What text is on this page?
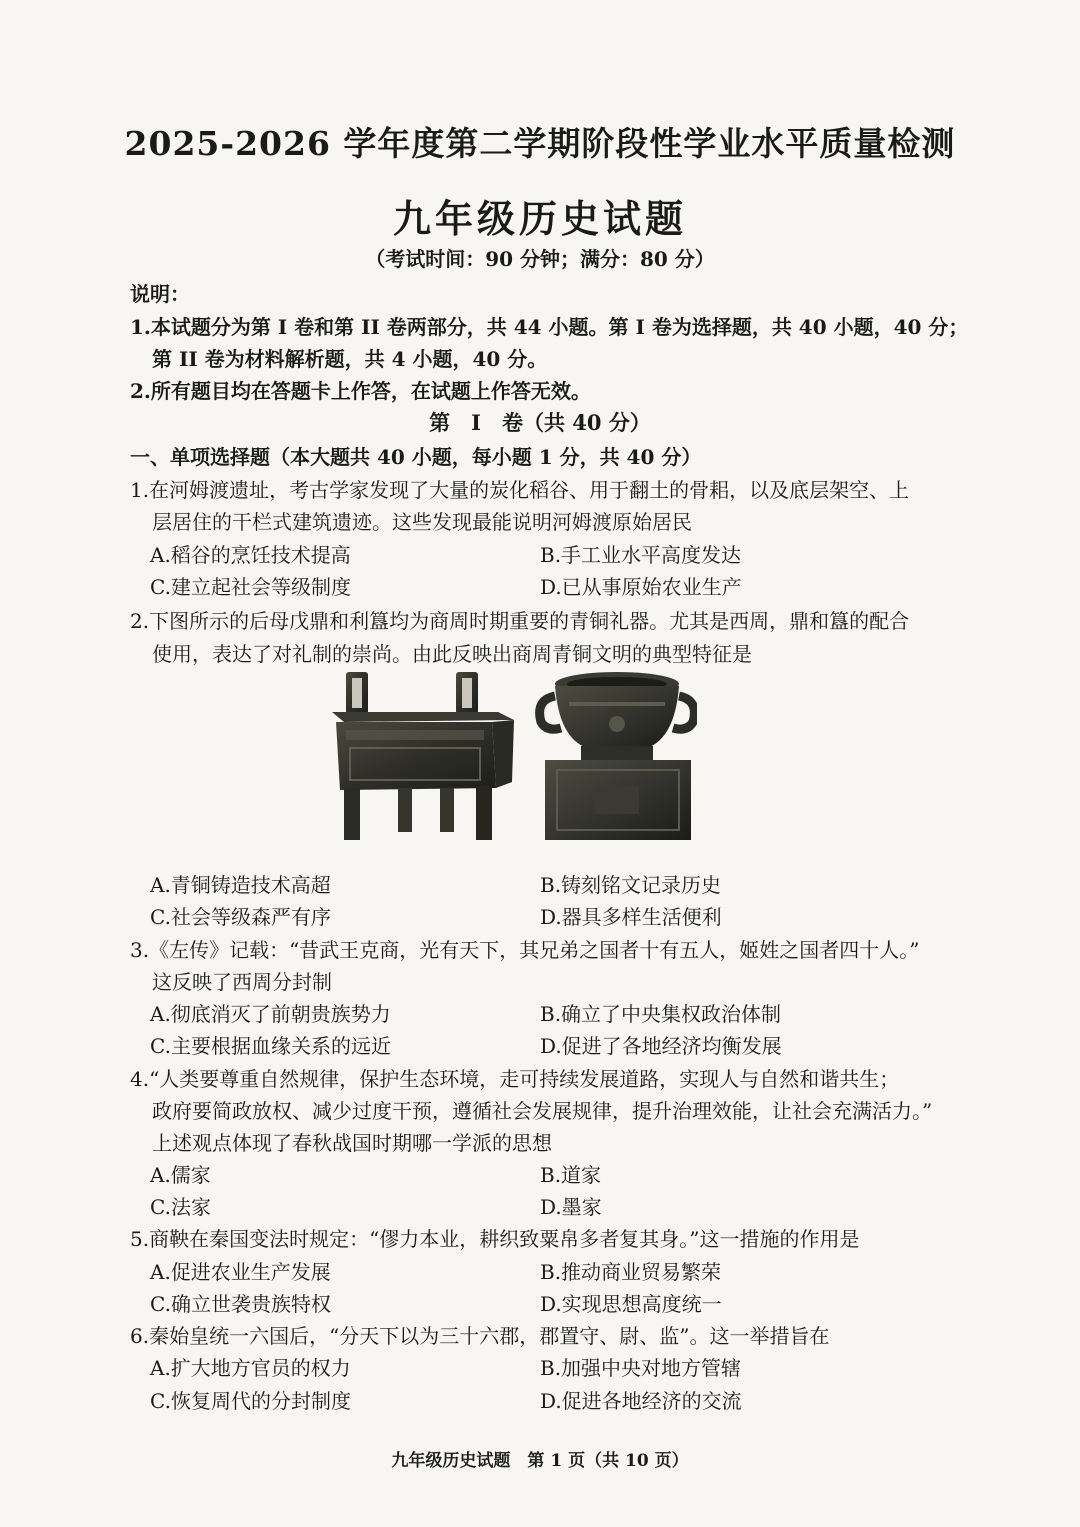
2025-2026 学年度第二学期阶段性学业水平质量检测
九年级历史试题
（考试时间：90 分钟；满分：80 分）
说明：
1.本试题分为第 I 卷和第 II 卷两部分，共 44 小题。第 I 卷为选择题，共 40 小题，40 分；
第 II 卷为材料解析题，共 4 小题，40 分。
2.所有题目均在答题卡上作答，在试题上作答无效。
第　I　卷（共 40 分）
一、单项选择题（本大题共 40 小题，每小题 1 分，共 40 分）
1.在河姆渡遗址，考古学家发现了大量的炭化稻谷、用于翻土的骨耜，以及底层架空、上
层居住的干栏式建筑遗迹。这些发现最能说明河姆渡原始居民
A.稻谷的烹饪技术提高	B.手工业水平高度发达
C.建立起社会等级制度	D.已从事原始农业生产
2.下图所示的后母戊鼎和利簋均为商周时期重要的青铜礼器。尤其是西周，鼎和簋的配合
使用，表达了对礼制的崇尚。由此反映出商周青铜文明的典型特征是
A.青铜铸造技术高超	B.铸刻铭文记录历史
C.社会等级森严有序	D.器具多样生活便利
3.《左传》记载：“昔武王克商，光有天下，其兄弟之国者十有五人，姬姓之国者四十人。”
这反映了西周分封制
A.彻底消灭了前朝贵族势力	B.确立了中央集权政治体制
C.主要根据血缘关系的远近	D.促进了各地经济均衡发展
4.“人类要尊重自然规律，保护生态环境，走可持续发展道路，实现人与自然和谐共生；
政府要简政放权、减少过度干预，遵循社会发展规律，提升治理效能，让社会充满活力。”
上述观点体现了春秋战国时期哪一学派的思想
A.儒家	B.道家
C.法家	D.墨家
5.商鞅在秦国变法时规定：“僇力本业，耕织致粟帛多者复其身。”这一措施的作用是
A.促进农业生产发展	B.推动商业贸易繁荣
C.确立世袭贵族特权	D.实现思想高度统一
6.秦始皇统一六国后，“分天下以为三十六郡，郡置守、尉、监”。这一举措旨在
A.扩大地方官员的权力	B.加强中央对地方管辖
C.恢复周代的分封制度	D.促进各地经济的交流
九年级历史试题　第 1 页（共 10 页）
